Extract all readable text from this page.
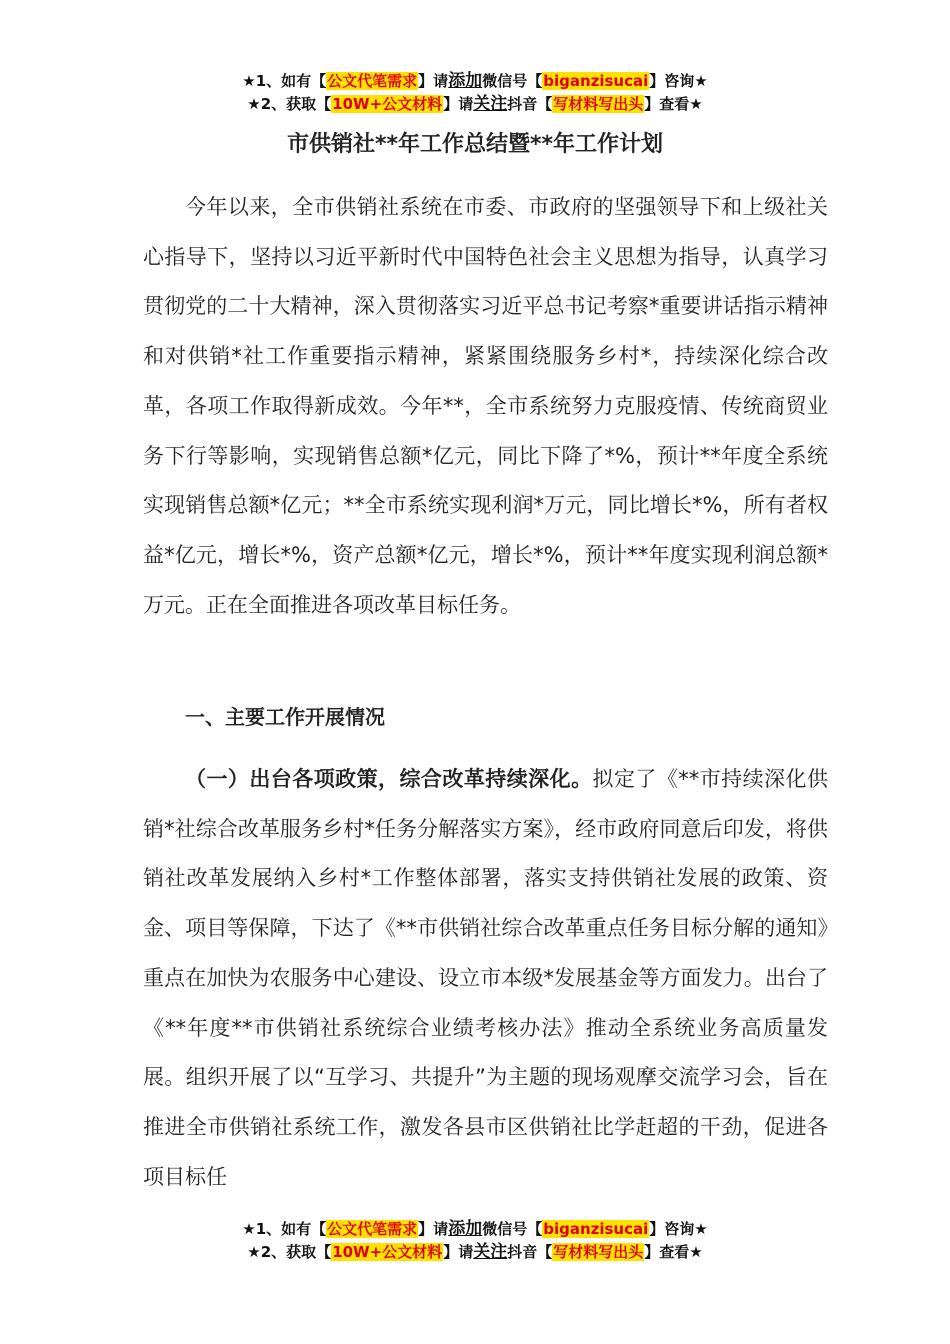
★1、如有【公文代笔需求】请添加微信号【biganzisucai】咨询★
★2、获取【10W+公文材料】请关注抖音【写材料写出头】查看★
市供销社**年工作总结暨**年工作计划
今年以来，全市供销社系统在市委、市政府的坚强领导下和上级社关心指导下，坚持以习近平新时代中国特色社会主义思想为指导，认真学习贯彻党的二十大精神，深入贯彻落实习近平总书记考察*重要讲话指示精神和对供销*社工作重要指示精神，紧紧围绕服务乡村*，持续深化综合改革，各项工作取得新成效。今年**，全市系统努力克服疫情、传统商贸业务下行等影响，实现销售总额*亿元，同比下降了*%，预计**年度全系统实现销售总额*亿元；**全市系统实现利润*万元，同比增长*%，所有者权益*亿元，增长*%，资产总额*亿元，增长*%，预计**年度实现利润总额*万元。正在全面推进各项改革目标任务。
一、主要工作开展情况
（一）出台各项政策，综合改革持续深化。拟定了《**市持续深化供销*社综合改革服务乡村*任务分解落实方案》，经市政府同意后印发，将供销社改革发展纳入乡村*工作整体部署，落实支持供销社发展的政策、资金、项目等保障，下达了《**市供销社综合改革重点任务目标分解的通知》重点在加快为农服务中心建设、设立市本级*发展基金等方面发力。出台了《**年度**市供销社系统综合业绩考核办法》推动全系统业务高质量发展。组织开展了以“互学习、共提升”为主题的现场观摩交流学习会，旨在推进全市供销社系统工作，激发各县市区供销社比学赶超的干劲，促进各项目标任
★1、如有【公文代笔需求】请添加微信号【biganzisucai】咨询★
★2、获取【10W+公文材料】请关注抖音【写材料写出头】查看★
